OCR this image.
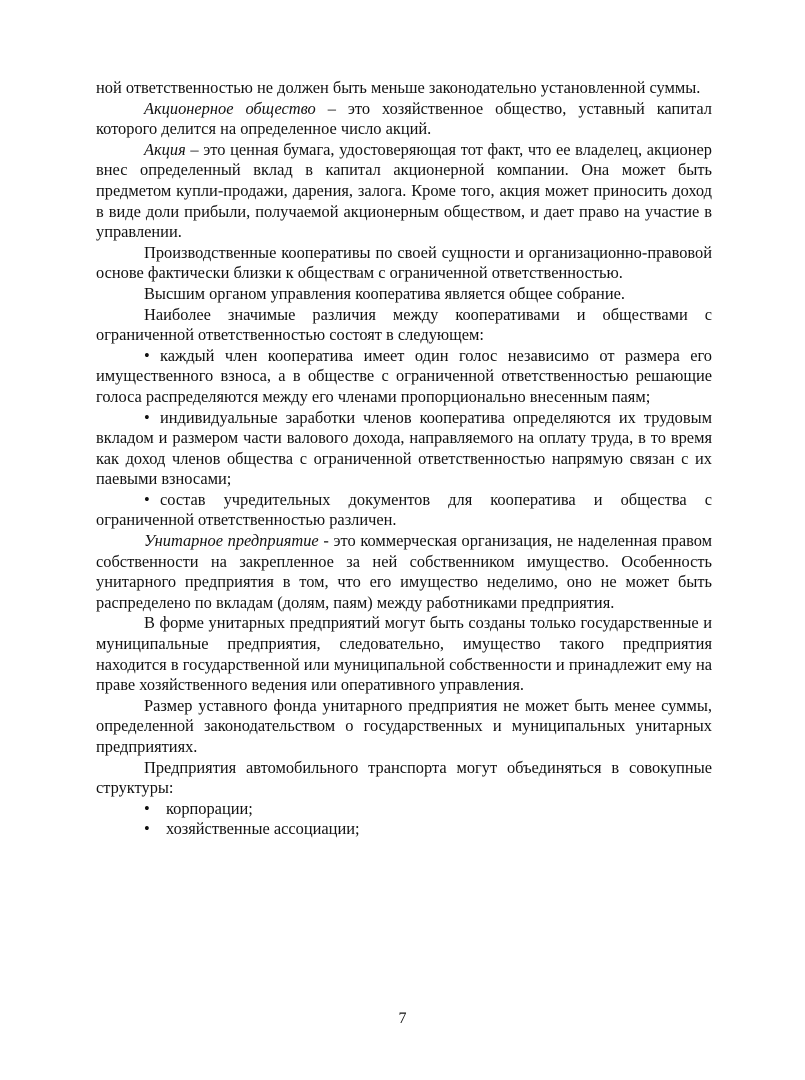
ной ответственностью не должен быть меньше законодательно установленной суммы.

Акционерное общество – это хозяйственное общество, уставный капитал которого делится на определенное число акций.

Акция – это ценная бумага, удостоверяющая тот факт, что ее владелец, акционер внес определенный вклад в капитал акционерной компании. Она может быть предметом купли-продажи, дарения, залога. Кроме того, акция может приносить доход в виде доли прибыли, получаемой акционерным обществом, и дает право на участие в управлении.

Производственные кооперативы по своей сущности и организационно-правовой основе фактически близки к обществам с ограниченной ответственностью.

Высшим органом управления кооператива является общее собрание.

Наиболее значимые различия между кооперативами и обществами с ограниченной ответственностью состоят в следующем:

• каждый член кооператива имеет один голос независимо от размера его имущественного взноса, а в обществе с ограниченной ответственностью решающие голоса распределяются между его членами пропорционально внесенным паям;

• индивидуальные заработки членов кооператива определяются их трудовым вкладом и размером части валового дохода, направляемого на оплату труда, в то время как доход членов общества с ограниченной ответственностью напрямую связан с их паевыми взносами;

• состав учредительных документов для кооператива и общества с ограниченной ответственностью различен.

Унитарное предприятие - это коммерческая организация, не наделенная правом собственности на закрепленное за ней собственником имущество. Особенность унитарного предприятия в том, что его имущество неделимо, оно не может быть распределено по вкладам (долям, паям) между работниками предприятия.

В форме унитарных предприятий могут быть созданы только государственные и муниципальные предприятия, следовательно, имущество такого предприятия находится в государственной или муниципальной собственности и принадлежит ему на праве хозяйственного ведения или оперативного управления.

Размер уставного фонда унитарного предприятия не может быть менее суммы, определенной законодательством о государственных и муниципальных унитарных предприятиях.

Предприятия автомобильного транспорта могут объединяться в совокупные структуры:

• корпорации;

• хозяйственные ассоциации;

7
